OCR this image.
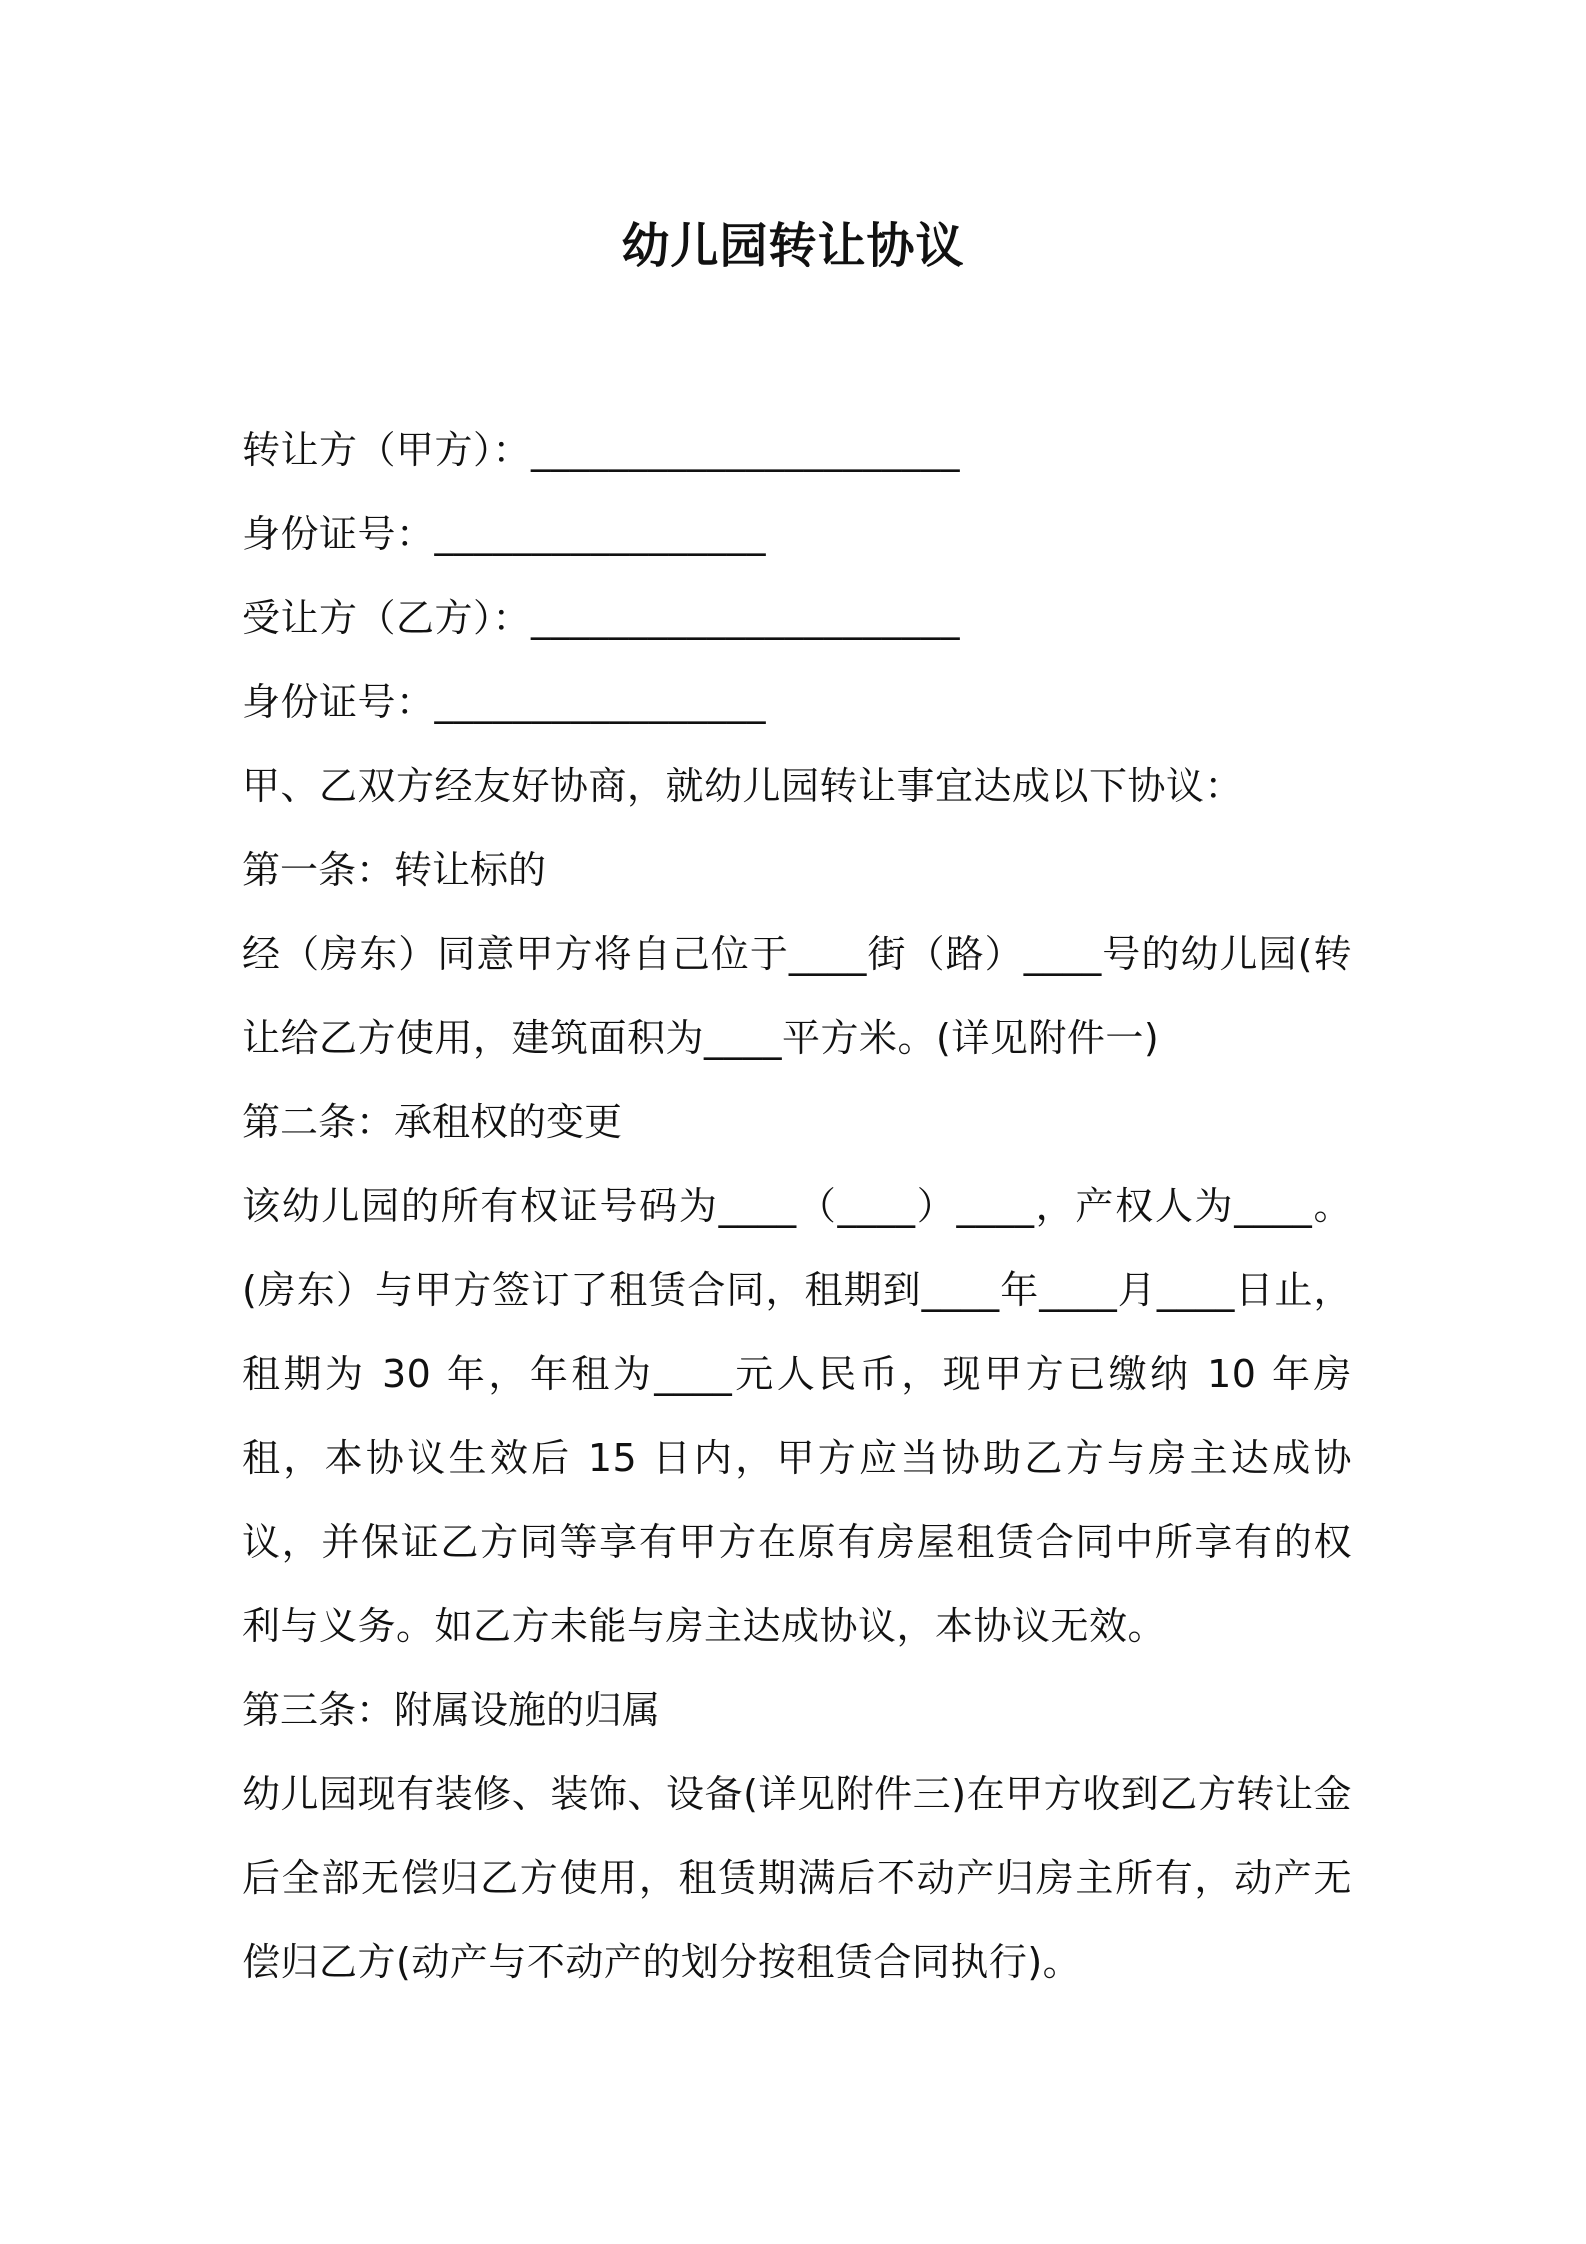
幼儿园转让协议
转让方（甲方）：______________________
身份证号：_________________
受让方（乙方）：______________________
身份证号：_________________
甲、乙双方经友好协商，就幼儿园转让事宜达成以下协议：
第一条：转让标的
经（房东）同意甲方将自己位于____街（路）____号的幼儿园(转让给乙方使用，建筑面积为____平方米。(详见附件一)
第二条：承租权的变更
该幼儿园的所有权证号码为____（____）____，产权人为____。(房东）与甲方签订了租赁合同，租期到____年____月____日止，租期为 30 年，年租为____元人民币，现甲方已缴纳 10 年房租，本协议生效后 15 日内，甲方应当协助乙方与房主达成协议，并保证乙方同等享有甲方在原有房屋租赁合同中所享有的权利与义务。如乙方未能与房主达成协议，本协议无效。
第三条：附属设施的归属
幼儿园现有装修、装饰、设备(详见附件三)在甲方收到乙方转让金后全部无偿归乙方使用，租赁期满后不动产归房主所有，动产无偿归乙方(动产与不动产的划分按租赁合同执行)。
